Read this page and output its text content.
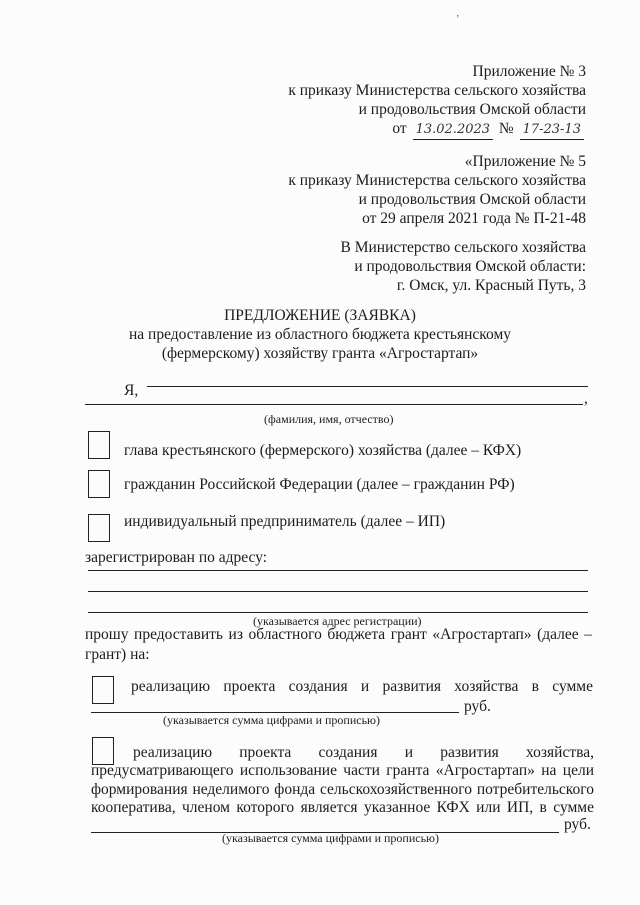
ʼ
Приложение № 3
к приказу Министерства сельского хозяйства
и продовольствия Омской области
от 13.02.2023 № 17-23-13
«Приложение № 5
к приказу Министерства сельского хозяйства
и продовольствия Омской области
от 29 апреля 2021 года № П-21-48
В Министерство сельского хозяйства
и продовольствия Омской области:
г. Омск, ул. Красный Путь, 3
ПРЕДЛОЖЕНИЕ (ЗАЯВКА)
на предоставление из областного бюджета крестьянскому
(фермерскому) хозяйству гранта «Агростартап»
Я,	,
(фамилия, имя, отчество)
глава крестьянского (фермерского) хозяйства (далее – КФХ)
гражданин Российской Федерации (далее – гражданин РФ)
индивидуальный предприниматель (далее – ИП)
зарегистрирован по адресу:
(указывается адрес регистрации)
прошу предоставить из областного бюджета грант «Агростартап» (далее –
грант) на:
реализацию проекта создания и развития хозяйства в сумме
руб.
(указывается сумма цифрами и прописью)
реализацию проекта создания и развития хозяйства,
предусматривающего использование части гранта «Агростартап» на цели
формирования неделимого фонда сельскохозяйственного потребительского
кооператива, членом которого является указанное КФХ или ИП, в сумме
руб.
(указывается сумма цифрами и прописью)
